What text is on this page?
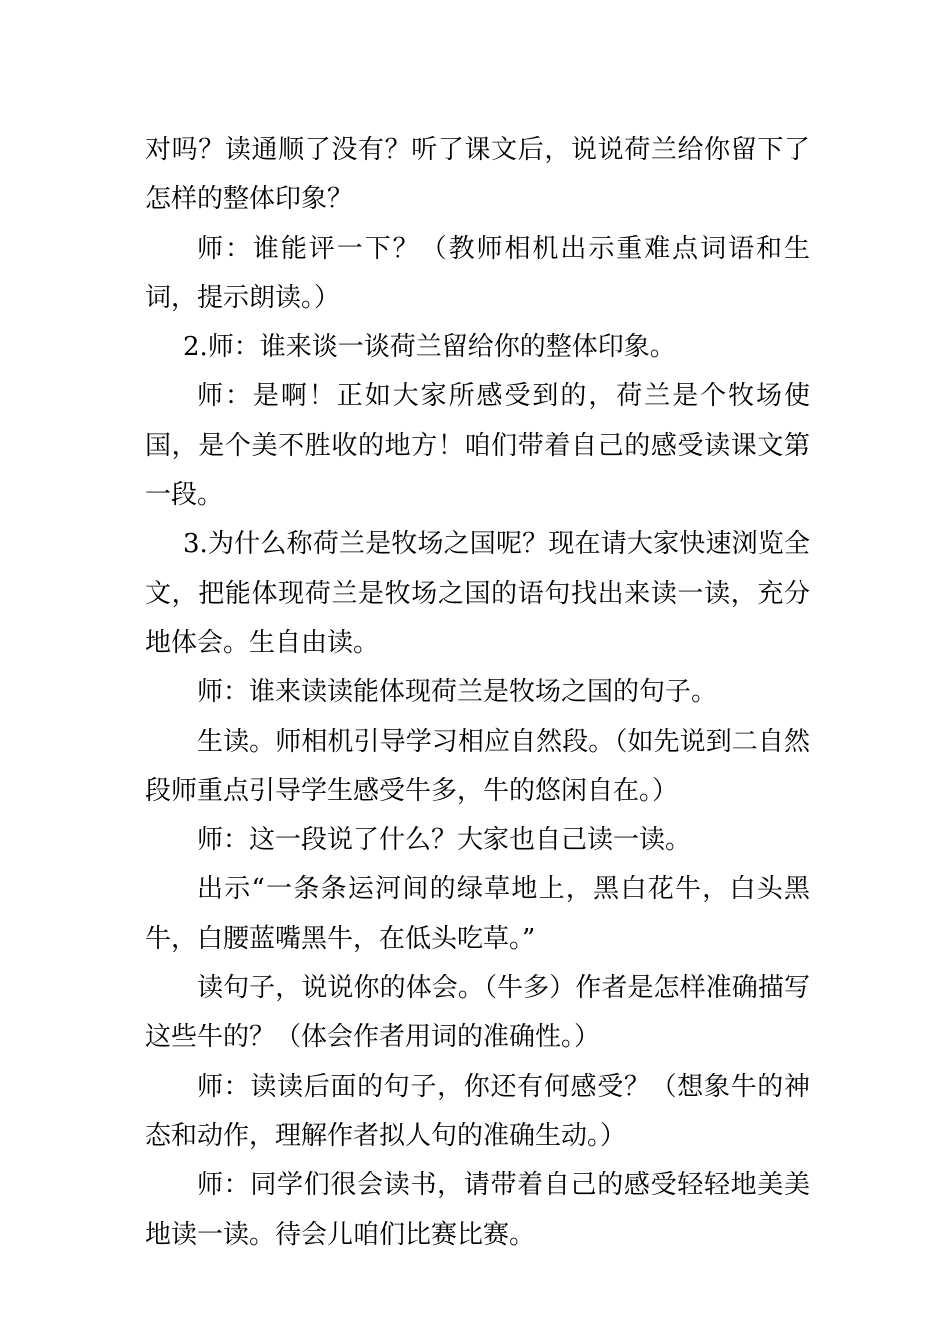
对吗？读通顺了没有？听了课文后，说说荷兰给你留下了怎样的整体印象？

师：谁能评一下？（教师相机出示重难点词语和生词，提示朗读。）

2.师：谁来谈一谈荷兰留给你的整体印象。

师：是啊！正如大家所感受到的，荷兰是个牧场使国，是个美不胜收的地方！咱们带着自己的感受读课文第一段。

3.为什么称荷兰是牧场之国呢？现在请大家快速浏览全文，把能体现荷兰是牧场之国的语句找出来读一读，充分地体会。生自由读。

师：谁来读读能体现荷兰是牧场之国的句子。

生读。师相机引导学习相应自然段。（如先说到二自然段师重点引导学生感受牛多，牛的悠闲自在。）

师：这一段说了什么？大家也自己读一读。

出示“一条条运河间的绿草地上，黑白花牛，白头黑牛，白腰蓝嘴黑牛，在低头吃草。”

读句子，说说你的体会。（牛多）作者是怎样准确描写这些牛的？（体会作者用词的准确性。）

师：读读后面的句子，你还有何感受？（想象牛的神态和动作，理解作者拟人句的准确生动。）

师：同学们很会读书，请带着自己的感受轻轻地美美地读一读。待会儿咱们比赛比赛。
